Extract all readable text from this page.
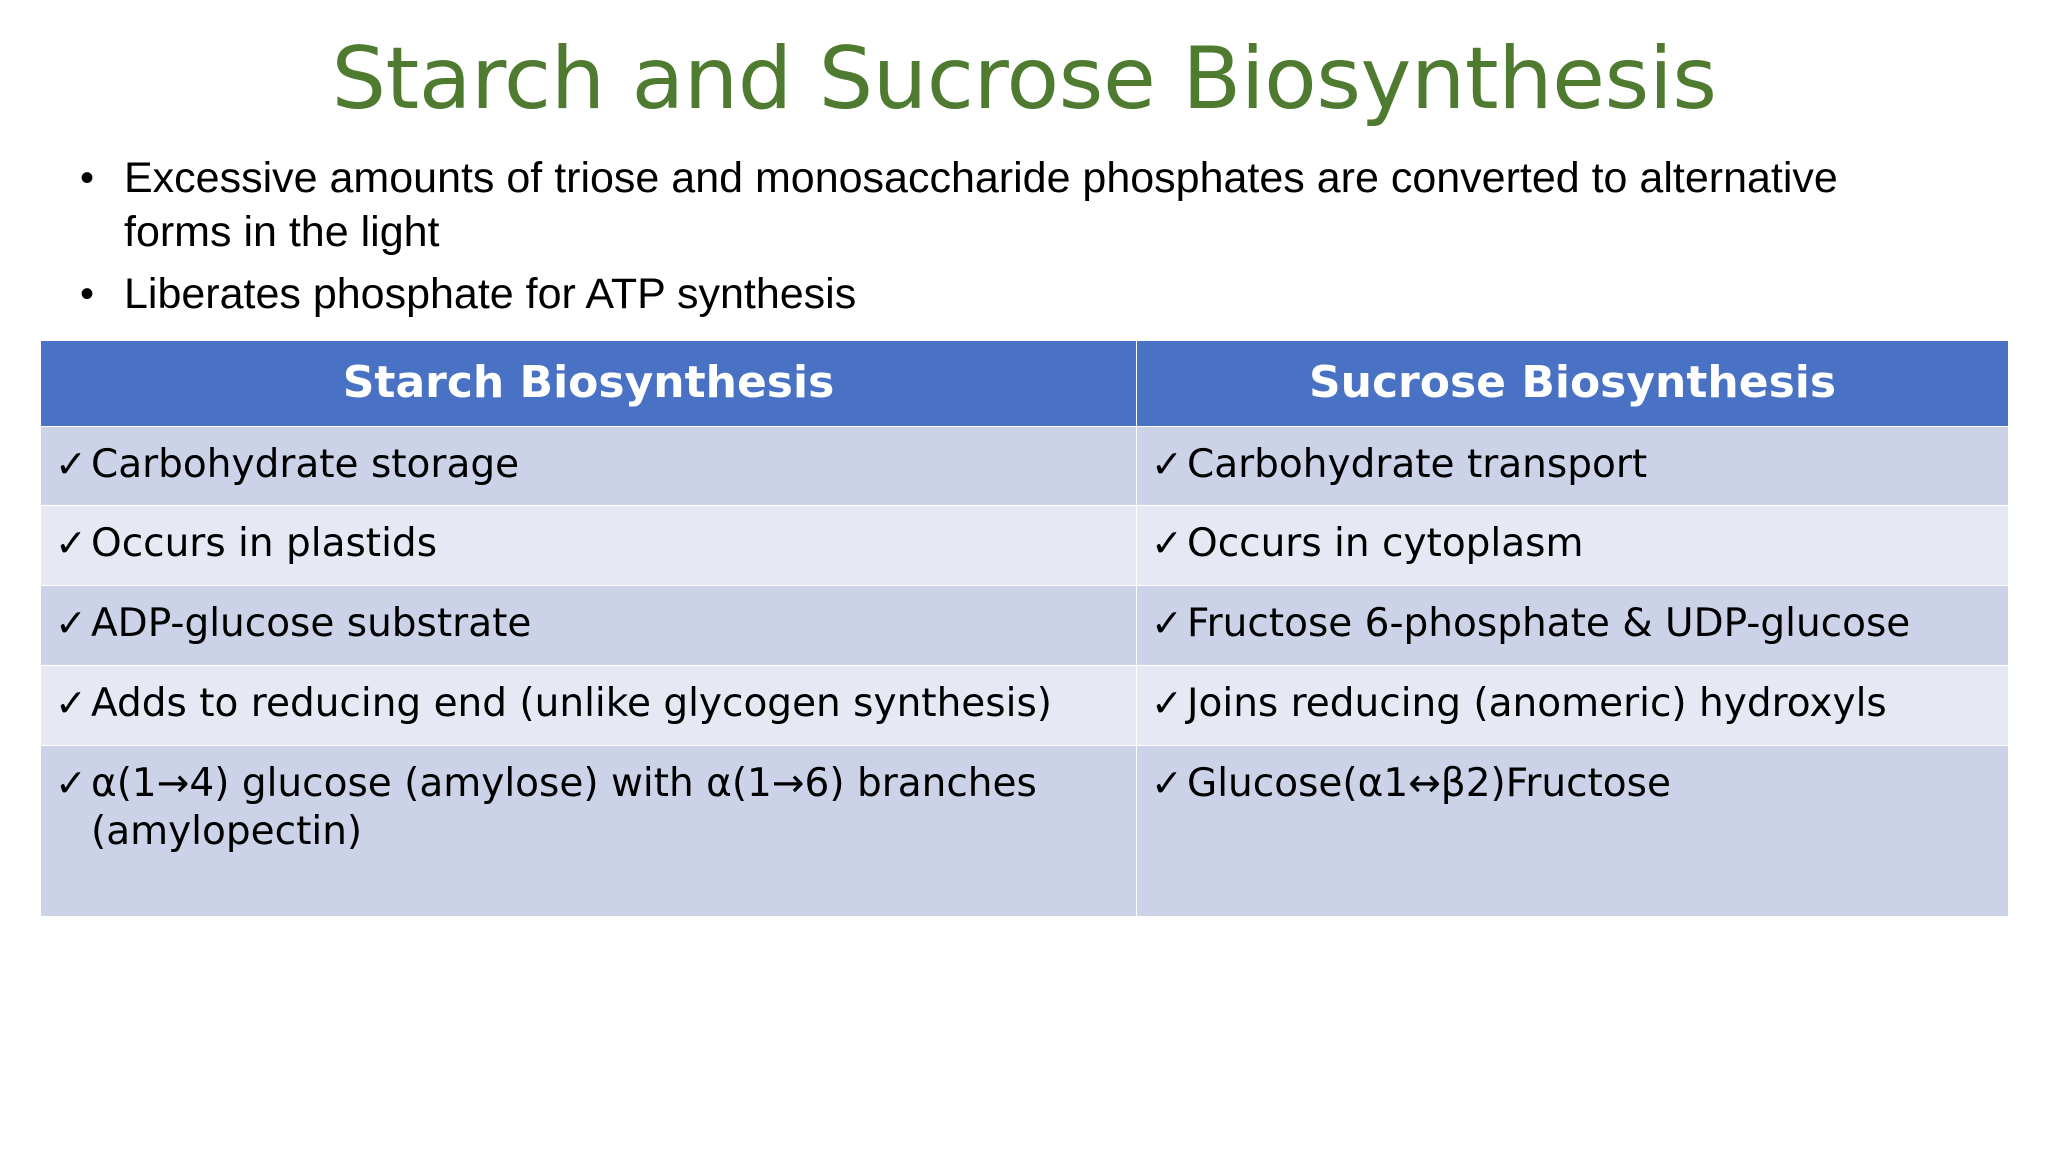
Starch and Sucrose Biosynthesis
• Excessive amounts of triose and monosaccharide phosphates are converted to alternative forms in the light
• Liberates phosphate for ATP synthesis
Starch Biosynthesis	Sucrose Biosynthesis

✓ Carbohydrate storage	✓ Carbohydrate transport

✓ Occurs in plastids	✓ Occurs in cytoplasm

✓ ADP-glucose substrate	✓ Fructose 6-phosphate & UDP-glucose

✓ Adds to reducing end (unlike glycogen synthesis)	✓ Joins reducing (anomeric) hydroxyls

✓ α(1→4) glucose (amylose) with α(1→6) branches (amylopectin)	✓ Glucose(α1↔β2)Fructose
